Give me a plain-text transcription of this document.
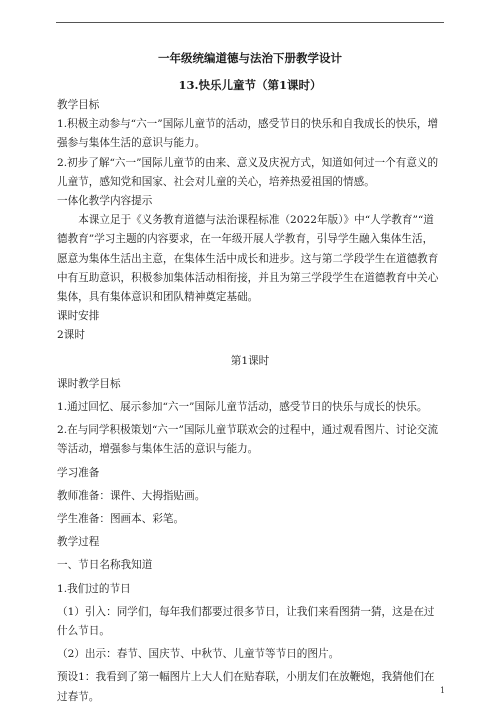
一年级统编道德与法治下册教学设计
13.快乐儿童节（第1课时）

教学目标

1.积极主动参与“六一”国际儿童节的活动，感受节日的快乐和自我成长的快乐，增强参与集体生活的意识与能力。

2.初步了解“六一”国际儿童节的由来、意义及庆祝方式，知道如何过一个有意义的儿童节，感知党和国家、社会对儿童的关心，培养热爱祖国的情感。

一体化教学内容提示

本课立足于《义务教育道德与法治课程标准（2022年版）》中“人学教育”“道德教育”学习主题的内容要求，在一年级开展人学教育，引导学生融入集体生活，愿意为集体生活出主意，在集体生活中成长和进步。这与第二学段学生在道德教育中有互助意识，积极参加集体活动相衔接，并且为第三学段学生在道德教育中关心集体，具有集体意识和团队精神奠定基础。

课时安排

2课时

第1课时

课时教学目标

1.通过回忆、展示参加“六一”国际儿童节活动，感受节日的快乐与成长的快乐。

2.在与同学积极策划“六一”国际儿童节联欢会的过程中，通过观看图片、讨论交流等活动，增强参与集体生活的意识与能力。

学习准备

教师准备：课件、大拇指贴画。

学生准备：图画本、彩笔。

教学过程

一、节日名称我知道

1.我们过的节日

（1）引入：同学们，每年我们都要过很多节日，让我们来看图猜一猜，这是在过什么节日。

（2）出示：春节、国庆节、中秋节、儿童节等节日的图片。

预设1：我看到了第一幅图片上大人们在贴春联，小朋友们在放鞭炮，我猜他们在过春节。

1
